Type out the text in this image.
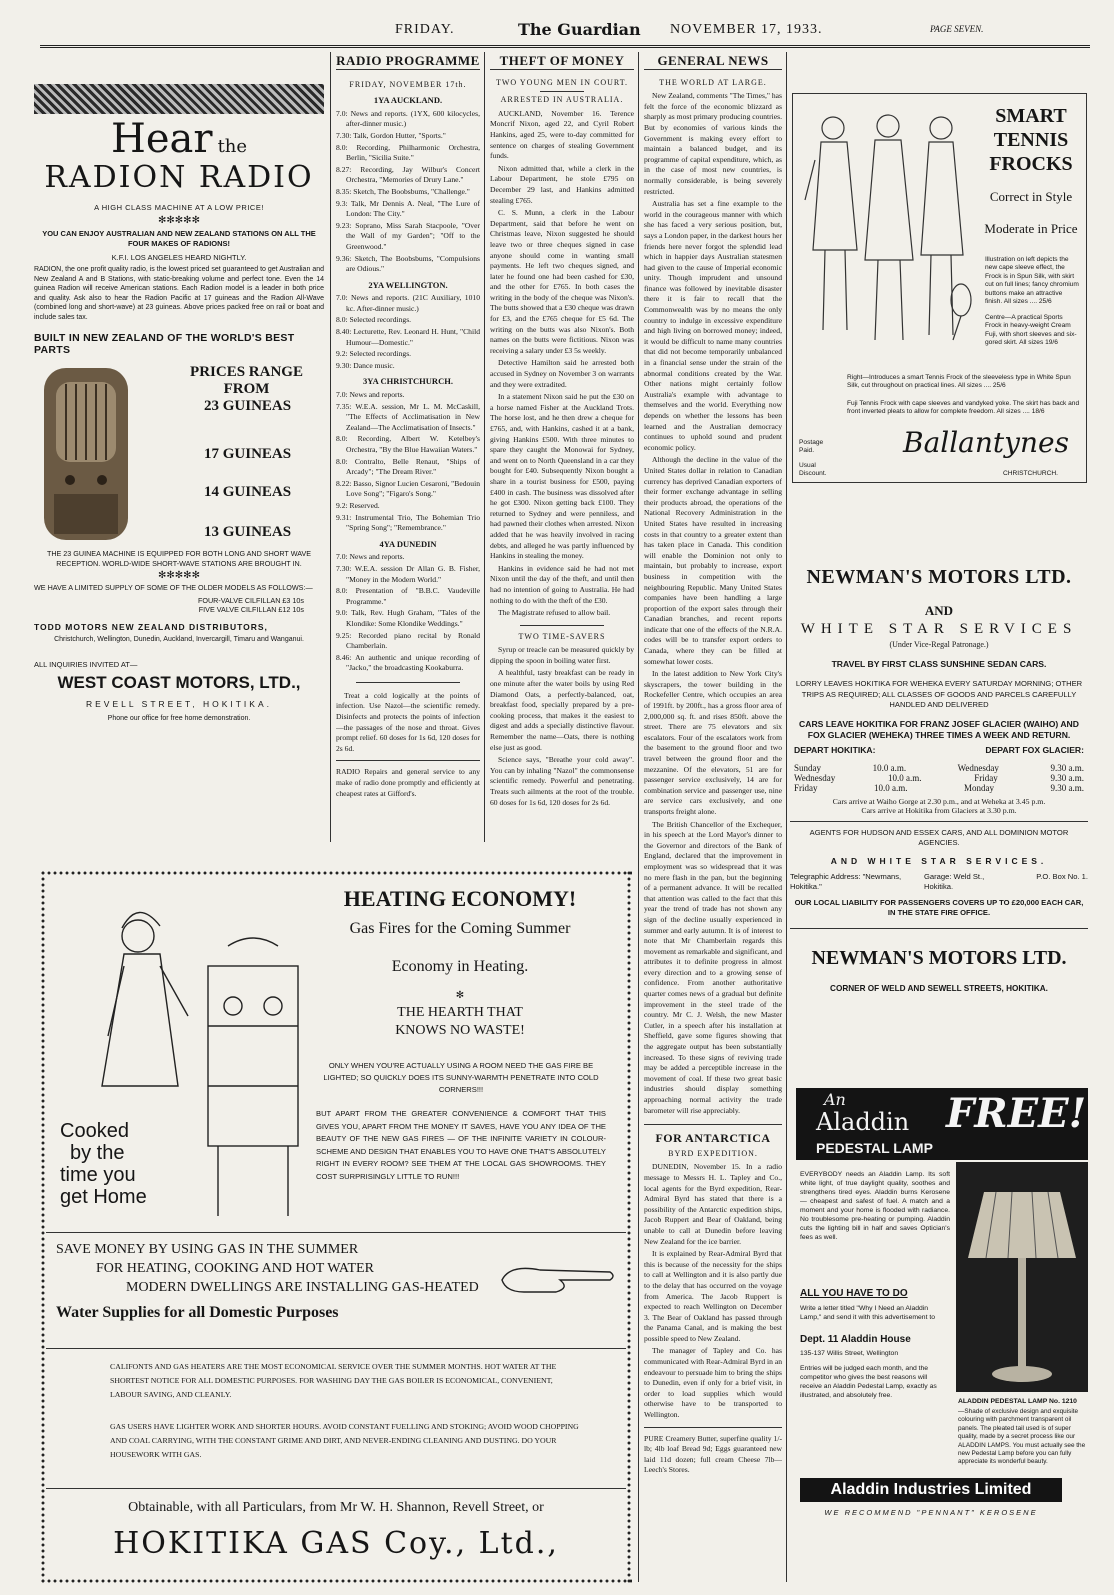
FRIDAY.	The Guardian NOVEMBER 17, 1933.	PAGE SEVEN.
Hear the
RADION RADIO
A HIGH CLASS MACHINE AT A LOW PRICE!
✻✻✻✻✻
YOU CAN ENJOY AUSTRALIAN AND NEW ZEALAND STATIONS ON ALL THE FOUR MAKES OF RADIONS!
K.F.I. LOS ANGELES HEARD NIGHTLY.
RADION, the one profit quality radio, is the lowest priced set guaranteed to get Australian and New Zealand A and B Stations, with static-breaking volume and perfect tone. Even the 14 guinea Radion will receive American stations. Each Radion model is a leader in both price and quality. Ask also to hear the Radion Pacific at 17 guineas and the Radion All-Wave (combined long and short-wave) at 23 guineas. Above prices packed free on rail or boat and include sales tax.
BUILT IN NEW ZEALAND OF THE WORLD'S BEST PARTS
PRICES RANGE FROM
23 GUINEAS
17 GUINEAS
14 GUINEAS
13 GUINEAS
THE 23 GUINEA MACHINE IS EQUIPPED FOR BOTH LONG AND SHORT WAVE RECEPTION. WORLD-WIDE SHORT-WAVE STATIONS ARE BROUGHT IN.
✻✻✻✻✻
WE HAVE A LIMITED SUPPLY OF SOME OF THE OLDER MODELS AS FOLLOWS:—
FOUR-VALVE CILFILLAN £3 10s
FIVE VALVE CILFILLAN £12 10s
TODD MOTORS NEW ZEALAND DISTRIBUTORS,
Christchurch, Wellington, Dunedin, Auckland, Invercargill, Timaru and Wanganui.
ALL INQUIRIES INVITED AT—
WEST COAST MOTORS, LTD.,
REVELL STREET, HOKITIKA.
Phone our office for free home demonstration.
RADIO PROGRAMME
FRIDAY, NOVEMBER 17th.
1YA AUCKLAND.
7.0: News and reports. (1YX, 600 kilocycles, after-dinner music.)
7.30: Talk, Gordon Hutter, "Sports."
8.0: Recording, Philharmonic Orchestra, Berlin, "Sicilia Suite."
8.27: Recording, Jay Wilbur's Concert Orchestra, "Memories of Drury Lane."
8.35: Sketch, The Boobsbums, "Challenge."
9.3: Talk, Mr Dennis A. Neal, "The Lure of London: The City."
9.23: Soprano, Miss Sarah Stacpoole, "Over the Wall of my Garden"; "Off to the Greenwood."
9.36: Sketch, The Boobsbums, "Compulsions are Odious."
2YA WELLINGTON.
7.0: News and reports. (21C Auxiliary, 1010 kc. After-dinner music.)
8.0: Selected recordings.
8.40: Lecturette, Rev. Leonard H. Hunt, "Child Humour—Domestic."
9.2: Selected recordings.
9.30: Dance music.
3YA CHRISTCHURCH.
7.0: News and reports.
7.35: W.E.A. session, Mr L. M. McCaskill, "The Effects of Acclimatisation in New Zealand—The Acclimatisation of Insects."
8.0: Recording, Albert W. Ketelbey's Orchestra, "By the Blue Hawaiian Waters."
8.0: Contralto, Belle Renaut, "Ships of Arcady"; "The Dream River."
8.22: Basso, Signor Lucien Cesaroni, "Bedouin Love Song"; "Figaro's Song."
9.2: Reserved.
9.31: Instrumental Trio, The Bohemian Trio "Spring Song"; "Remembrance."
4YA DUNEDIN
7.0: News and reports.
7.30: W.E.A. session Dr Allan G. B. Fisher, "Money in the Modern World."
8.0: Presentation of "B.B.C. Vaudeville Programme."
9.0: Talk, Rev. Hugh Graham, "Tales of the Klondike: Some Klondike Weddings."
9.25: Recorded piano recital by Ronald Chamberlain.
8.46: An authentic and unique recording of "Jacko," the broadcasting Kookaburra.

Treat a cold logically at the points of infection. Use Nazol—the scientific remedy. Disinfects and protects the points of infection —the passages of the nose and throat. Gives prompt relief. 60 doses for 1s 6d, 120 doses for 2s 6d.

RADIO Repairs and general service to any make of radio done promptly and efficiently at cheapest rates at Gifford's.

THEFT OF MONEY
TWO YOUNG MEN IN COURT.
ARRESTED IN AUSTRALIA.

AUCKLAND, November 16. Terence Moncrif Nixon, aged 22, and Cyril Robert Hankins, aged 25, were to-day committed for sentence on charges of stealing Government funds.

Nixon admitted that, while a clerk in the Labour Department, he stole £795 on December 29 last, and Hankins admitted stealing £765.

C. S. Munn, a clerk in the Labour Department, said that before he went on Christmas leave, Nixon suggested he should leave two or three cheques signed in case anyone should come in wanting small payments. He left two cheques signed, and later he found one had been cashed for £30, and the other for £765. In both cases the writing in the body of the cheque was Nixon's. The butts showed that a £30 cheque was drawn for £3, and the £765 cheque for £5 6d. The writing on the butts was also Nixon's. Both names on the butts were fictitious. Nixon was receiving a salary under £3 5s weekly.

Detective Hamilton said he arrested both accused in Sydney on November 3 on warrants and they were extradited.

In a statement Nixon said he put the £30 on a horse named Fisher at the Auckland Trots. The horse lost, and he then drew a cheque for £765, and, with Hankins, cashed it at a bank, giving Hankins £500. With three minutes to spare they caught the Monowai for Sydney, and went on to North Queensland in a car they bought for £40. Subsequently Nixon bought a share in a tourist business for £500, paying £400 in cash. The business was dissolved after he got £300. Nixon getting back £100. They returned to Sydney and were penniless, and had pawned their clothes when arrested. Nixon added that he was heavily involved in racing debts, and alleged he was partly influenced by Hankins in stealing the money.

Hankins in evidence said he had not met Nixon until the day of the theft, and until then had no intention of going to Australia. He had nothing to do with the theft of the £30.

The Magistrate refused to allow bail.

TWO TIME-SAVERS

Syrup or treacle can be measured quickly by dipping the spoon in boiling water first.

A healthful, tasty breakfast can be ready in one minute after the water boils by using Red Diamond Oats, a perfectly-balanced, oat, breakfast food, specially prepared by a pre-cooking process, that makes it the easiest to digest and adds a specially distinctive flavour. Remember the name—Oats, there is nothing else just as good.

Science says, "Breathe your cold away". You can by inhaling "Nazol" the commonsense scientific remedy. Powerful and penetrating. Treats such ailments at the root of the trouble. 60 doses for 1s 6d, 120 doses for 2s 6d.

GENERAL NEWS
THE WORLD AT LARGE.

New Zealand, comments "The Times," has felt the force of the economic blizzard as sharply as most primary producing countries. But by economies of various kinds the Government is making every effort to maintain a balanced budget, and its programme of capital expenditure, which, as in the case of most new countries, is normally considerable, is being severely restricted.

Australia has set a fine example to the world in the courageous manner with which she has faced a very serious position, but, says a London paper, in the darkest hours her friends here never forgot the splendid lead which in happier days Australian statesmen had given to the cause of Imperial economic unity. Though imprudent and unsound finance was followed by inevitable disaster there it is fair to recall that the Commonwealth was by no means the only country to indulge in excessive expenditure and high living on borrowed money; indeed, it would be difficult to name many countries that did not become temporarily unbalanced in a financial sense under the strain of the abnormal conditions created by the War. Other nations might certainly follow Australia's example with advantage to themselves and the world. Everything now depends on whether the lessons has been learned and the Australian democracy continues to uphold sound and prudent economic policy.

Although the decline in the value of the United States dollar in relation to Canadian currency has deprived Canadian exporters of their former exchange advantage in selling their products abroad, the operations of the National Recovery Administration in the United States have resulted in increasing costs in that country to a greater extent than has taken place in Canada. This condition will enable the Dominion not only to maintain, but probably to increase, export business in competition with the neighbouring Republic. Many United States companies have been handling a large proportion of the export sales through their Canadian branches, and recent reports indicate that one of the effects of the N.R.A. codes will be to transfer export orders to Canada, where they can be filled at somewhat lower costs.

In the latest addition to New York City's skyscrapers, the tower building in the Rockefeller Centre, which occupies an area of 1991ft. by 200ft., has a gross floor area of 2,000,000 sq. ft. and rises 850ft. above the street. There are 75 elevators and six escalators. Four of the escalators work from the basement to the ground floor and two travel between the ground floor and the mezzanine. Of the elevators, 51 are for passenger service exclusively, 14 are for combination service and passenger use, nine are service cars exclusively, and one transports freight alone.

The British Chancellor of the Exchequer, in his speech at the Lord Mayor's dinner to the Governor and directors of the Bank of England, declared that the improvement in employment was so widespread that it was no mere flash in the pan, but the beginning of a permanent advance. It will be recalled that attention was called to the fact that this year the trend of trade has not shown any sign of the decline usually experienced in summer and early autumn. It is of interest to note that Mr Chamberlain regards this movement as remarkable and significant, and attributes it to definite progress in almost every direction and to a growing sense of confidence. From another authoritative quarter comes news of a gradual but definite improvement in the steel trade of the country. Mr C. J. Welsh, the new Master Cutler, in a speech after his installation at Sheffield, gave some figures showing that the aggregate output has been substantially increased. To these signs of reviving trade may be added a perceptible increase in the movement of coal. If these two great basic industries should display something approaching normal activity the trade barometer will rise appreciably.

FOR ANTARCTICA
BYRD EXPEDITION.

DUNEDIN, November 15. In a radio message to Messrs H. L. Tapley and Co., local agents for the Byrd expedition, Rear-Admiral Byrd has stated that there is a possibility of the Antarctic expedition ships, Jacob Ruppert and Bear of Oakland, being unable to call at Dunedin before leaving New Zealand for the ice barrier.

It is explained by Rear-Admiral Byrd that this is because of the necessity for the ships to call at Wellington and it is also partly due to the delay that has occurred on the voyage from America. The Jacob Ruppert is expected to reach Wellington on December 3. The Bear of Oakland has passed through the Panama Canal, and is making the best possible speed to New Zealand.

The manager of Tapley and Co. has communicated with Rear-Admiral Byrd in an endeavour to persuade him to bring the ships to Dunedin, even if only for a brief visit, in order to load supplies which would otherwise have to be transported to Wellington.

PURE Creamery Butter, superfine quality 1/- lb; 4lb loaf Bread 9d; Eggs guaranteed new laid 11d dozen; full cream Cheese 7lb—Leech's Stores.

SMART
TENNIS
FROCKS
Correct in Style
Moderate in Price
Illustration on left depicts the new cape sleeve effect, the Frock is in Spun Silk, with skirt cut on full lines; fancy chromium buttons make an attractive finish. All sizes .... 25/6
Centre—A practical Sports Frock in heavy-weight Cream Fuji, with short sleeves and six-gored skirt. All sizes 19/6
Right—Introduces a smart Tennis Frock of the sleeveless type in White Spun Silk, cut throughout on practical lines. All sizes .... 25/6
Fuji Tennis Frock with cape sleeves and vandyked yoke. The skirt has back and front inverted pleats to allow for complete freedom. All sizes .... 18/6
Postage Paid.
Usual Discount.
Ballantynes
CHRISTCHURCH.
NEWMAN'S MOTORS LTD.
AND
WHITE STAR SERVICES
(Under Vice-Regal Patronage.)
TRAVEL BY FIRST CLASS SUNSHINE SEDAN CARS.
LORRY LEAVES HOKITIKA FOR WEHEKA EVERY SATURDAY MORNING; OTHER TRIPS AS REQUIRED; ALL CLASSES OF GOODS AND PARCELS CAREFULLY HANDLED AND DELIVERED
CARS LEAVE HOKITIKA FOR FRANZ JOSEF GLACIER (WAIHO) AND FOX GLACIER (WEHEKA) THREE TIMES A WEEK AND RETURN.
DEPART HOKITIKA:	DEPART FOX GLACIER:
Sunday	10.0 a.m.	Wednesday	9.30 a.m.
Wednesday	10.0 a.m.	Friday	9.30 a.m.
Friday	10.0 a.m.	Monday	9.30 a.m.
Cars arrive at Waiho Gorge at 2.30 p.m., and at Weheka at 3.45 p.m.
Cars arrive at Hokitika from Glaciers at 3.30 p.m.
AGENTS FOR HUDSON AND ESSEX CARS, AND ALL DOMINION MOTOR AGENCIES.
AND WHITE STAR SERVICES.
Telegraphic Address: "Newmans, Hokitika."
Garage: Weld St., Hokitika.
P.O. Box No. 1.
OUR LOCAL LIABILITY FOR PASSENGERS COVERS UP TO £20,000 EACH CAR, IN THE STATE FIRE OFFICE.
NEWMAN'S MOTORS LTD.
CORNER OF WELD AND SEWELL STREETS, HOKITIKA.
An
Aladdin FREE!
PEDESTAL LAMP
EVERYBODY needs an Aladdin Lamp. Its soft white light, of true daylight quality, soothes and strengthens tired eyes. Aladdin burns Kerosene — cheapest and safest of fuel. A match and a moment and your home is flooded with radiance. No troublesome pre-heating or pumping. Aladdin cuts the lighting bill in half and saves Optician's fees as well.
ALL YOU HAVE TO DO
Write a letter titled "Why I Need an Aladdin Lamp," and send it with this advertisement to
Dept. 11 Aladdin House
135-137 Willis Street, Wellington
Entries will be judged each month, and the competitor who gives the best reasons will receive an Aladdin Pedestal Lamp, exactly as illustrated, and absolutely free.
ALADDIN PEDESTAL LAMP No. 1210
—Shade of exclusive design and exquisite colouring with parchment transparent oil panels. The pleated tail used is of super quality, made by a secret process like our ALADDIN LAMPS. You must actually see the new Pedestal Lamp before you can fully appreciate its wonderful beauty.
Aladdin Industries Limited
WE RECOMMEND "PENNANT" KEROSENE
Cooked
by the
time you
get Home
HEATING ECONOMY!
Gas Fires for the Coming Summer
Economy in Heating.
✻
THE HEARTH THAT KNOWS NO WASTE!
ONLY WHEN YOU'RE ACTUALLY USING A ROOM NEED THE GAS FIRE BE LIGHTED; SO QUICKLY DOES ITS SUNNY-WARMTH PENETRATE INTO COLD CORNERS!!!
BUT APART FROM THE GREATER CONVENIENCE & COMFORT THAT THIS GIVES YOU, APART FROM THE MONEY IT SAVES, HAVE YOU ANY IDEA OF THE BEAUTY OF THE NEW GAS FIRES — OF THE INFINITE VARIETY IN COLOUR-SCHEME AND DESIGN THAT ENABLES YOU TO HAVE ONE THAT'S ABSOLUTELY RIGHT IN EVERY ROOM? SEE THEM AT THE LOCAL GAS SHOWROOMS. THEY COST SURPRISINGLY LITTLE TO RUN!!!
SAVE MONEY BY USING GAS IN THE SUMMER
FOR HEATING, COOKING AND HOT WATER
MODERN DWELLINGS ARE INSTALLING GAS-HEATED
Water Supplies for all Domestic Purposes
CALIFONTS AND GAS HEATERS ARE THE MOST ECONOMICAL SERVICE OVER THE SUMMER MONTHS. HOT WATER AT THE SHORTEST NOTICE FOR ALL DOMESTIC PURPOSES. FOR WASHING DAY THE GAS BOILER IS ECONOMICAL, CONVENIENT, LABOUR SAVING, AND CLEANLY.
GAS USERS HAVE LIGHTER WORK AND SHORTER HOURS. AVOID CONSTANT FUELLING AND STOKING; AVOID WOOD CHOPPING AND COAL CARRYING, WITH THE CONSTANT GRIME AND DIRT, AND NEVER-ENDING CLEANING AND DUSTING. DO YOUR HOUSEWORK WITH GAS.
Obtainable, with all Particulars, from Mr W. H. Shannon, Revell Street, or
HOKITIKA GAS Coy., Ltd.,
